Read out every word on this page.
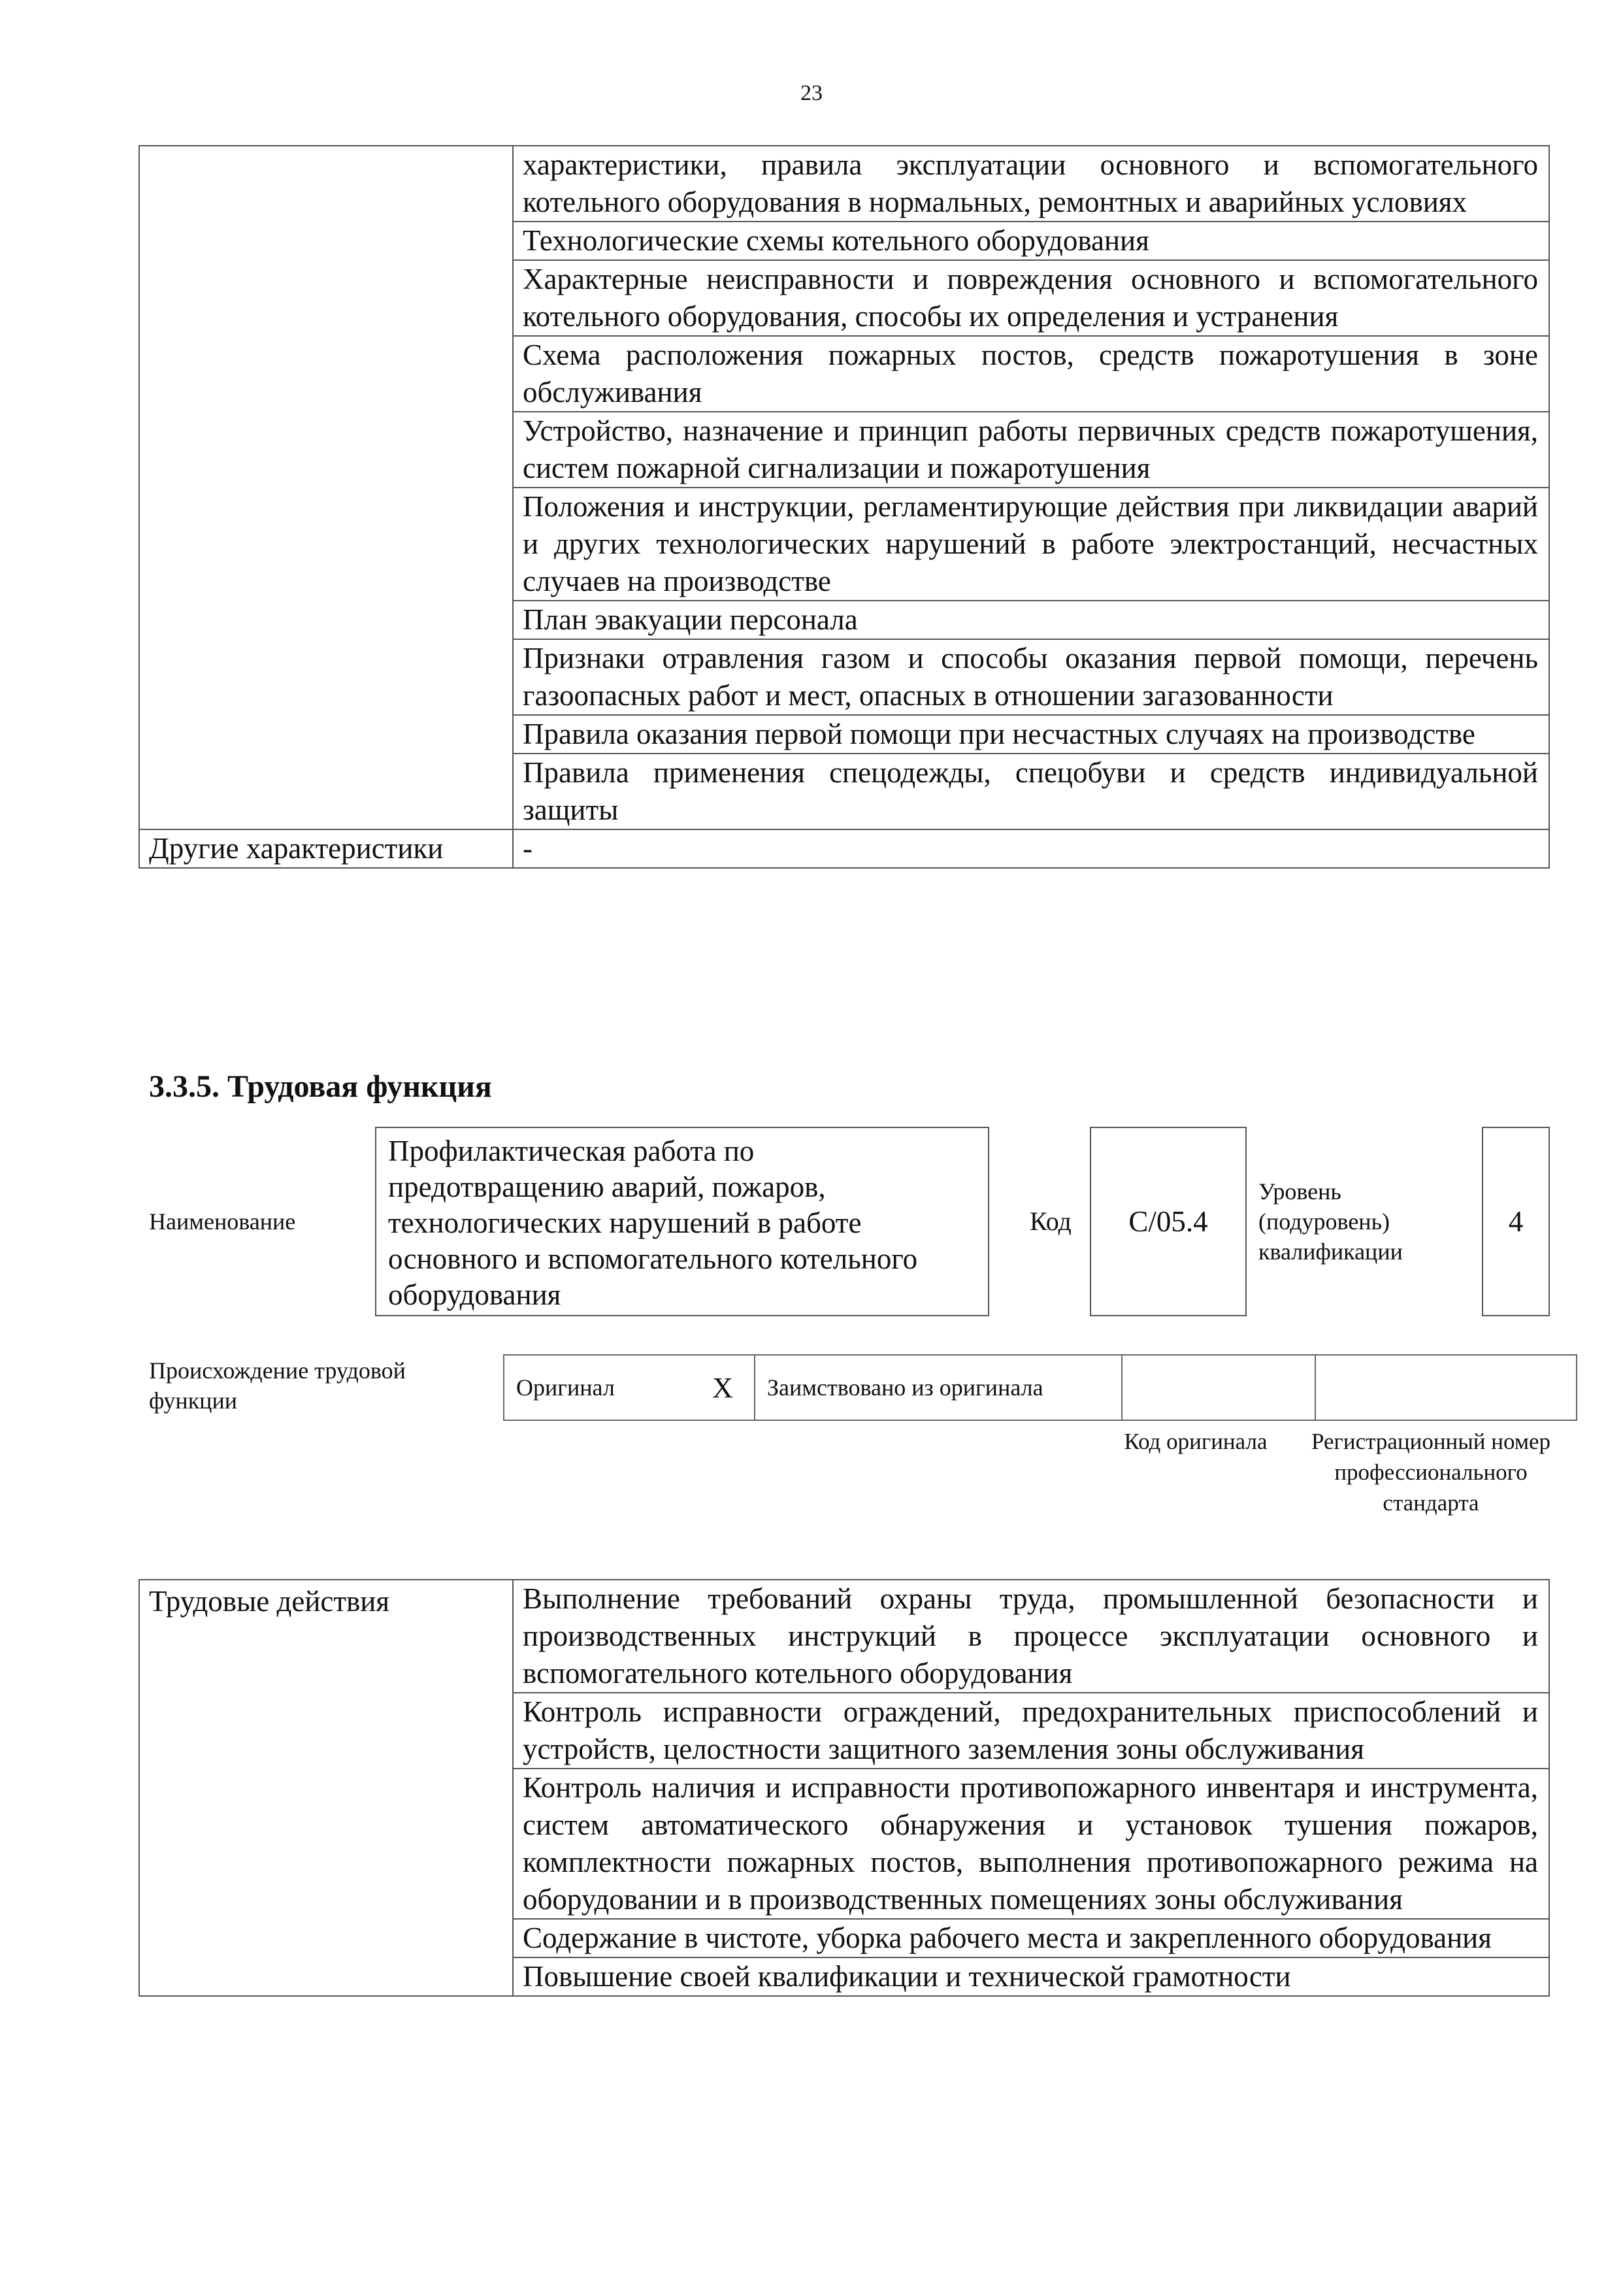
23
	характеристики, правила эксплуатации основного и вспомогательного котельного оборудования в нормальных, ремонтных и аварийных условиях
	Технологические схемы котельного оборудования
	Характерные неисправности и повреждения основного и вспомогательного котельного оборудования, способы их определения и устранения
	Схема расположения пожарных постов, средств пожаротушения в зоне обслуживания
	Устройство, назначение и принцип работы первичных средств пожаротушения, систем пожарной сигнализации и пожаротушения
	Положения и инструкции, регламентирующие действия при ликвидации аварий и других технологических нарушений в работе электростанций, несчастных случаев на производстве
	План эвакуации персонала
	Признаки отравления газом и способы оказания первой помощи, перечень газоопасных работ и мест, опасных в отношении загазованности
	Правила оказания первой помощи при несчастных случаях на производстве
	Правила применения спецодежды, спецобуви и средств индивидуальной защиты
Другие характеристики	-
3.3.5. Трудовая функция
Наименование
Профилактическая работа по предотвращению аварий, пожаров, технологических нарушений в работе основного и вспомогательного котельного оборудования
Код	C/05.4
Уровень (подуровень) квалификации
4
Происхождение трудовой функции	Оригинал	X	Заимствовано из оригинала		
Код оригинала	Регистрационный номер профессионального стандарта
Трудовые действия	Выполнение требований охраны труда, промышленной безопасности и производственных инструкций в процессе эксплуатации основного и вспомогательного котельного оборудования
Контроль исправности ограждений, предохранительных приспособлений и устройств, целостности защитного заземления зоны обслуживания
Контроль наличия и исправности противопожарного инвентаря и инструмента, систем автоматического обнаружения и установок тушения пожаров, комплектности пожарных постов, выполнения противопожарного режима на оборудовании и в производственных помещениях зоны обслуживания
Содержание в чистоте, уборка рабочего места и закрепленного оборудования
Повышение своей квалификации и технической грамотности
